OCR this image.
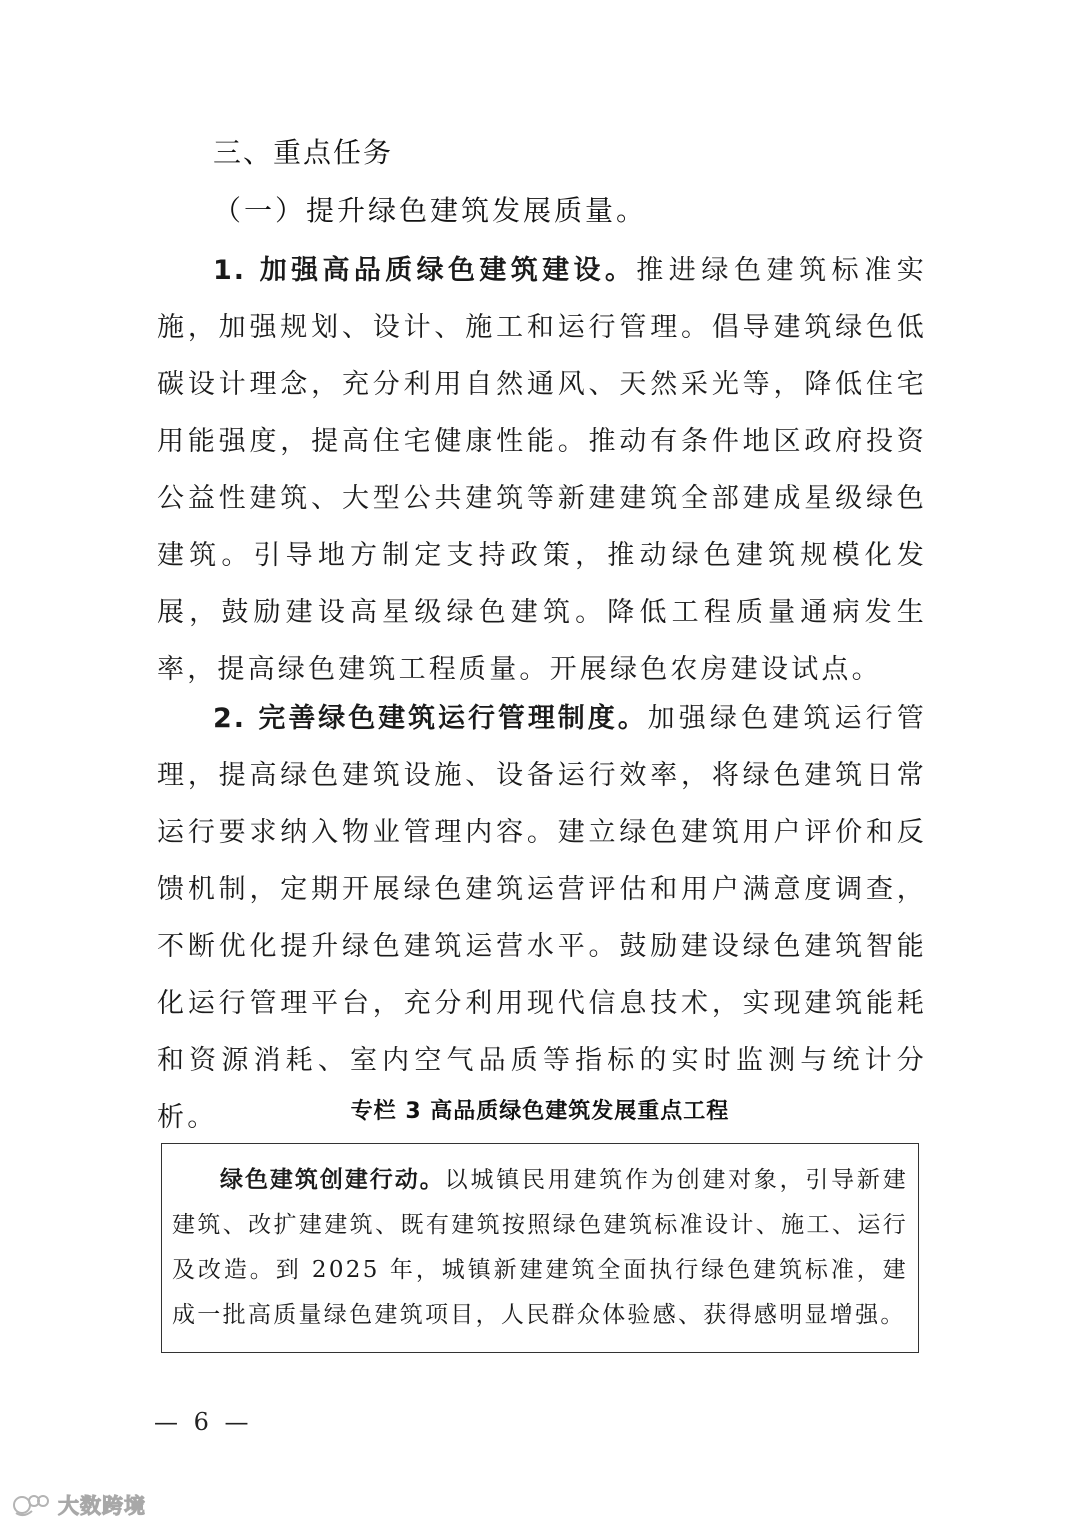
三、重点任务
（一）提升绿色建筑发展质量。

1. 加强高品质绿色建筑建设。推进绿色建筑标准实施，加强规划、设计、施工和运行管理。倡导建筑绿色低碳设计理念，充分利用自然通风、天然采光等，降低住宅用能强度，提高住宅健康性能。推动有条件地区政府投资公益性建筑、大型公共建筑等新建建筑全部建成星级绿色建筑。引导地方制定支持政策，推动绿色建筑规模化发展，鼓励建设高星级绿色建筑。降低工程质量通病发生率，提高绿色建筑工程质量。开展绿色农房建设试点。

2. 完善绿色建筑运行管理制度。加强绿色建筑运行管理，提高绿色建筑设施、设备运行效率，将绿色建筑日常运行要求纳入物业管理内容。建立绿色建筑用户评价和反馈机制，定期开展绿色建筑运营评估和用户满意度调查，不断优化提升绿色建筑运营水平。鼓励建设绿色建筑智能化运行管理平台，充分利用现代信息技术，实现建筑能耗和资源消耗、室内空气品质等指标的实时监测与统计分析。	专栏 3 高品质绿色建筑发展重点工程

绿色建筑创建行动。以城镇民用建筑作为创建对象，引导新建建筑、改扩建建筑、既有建筑按照绿色建筑标准设计、施工、运行及改造。到 2025 年，城镇新建建筑全面执行绿色建筑标准，建成一批高质量绿色建筑项目，人民群众体验感、获得感明显增强。

— 6 —
大数跨境
